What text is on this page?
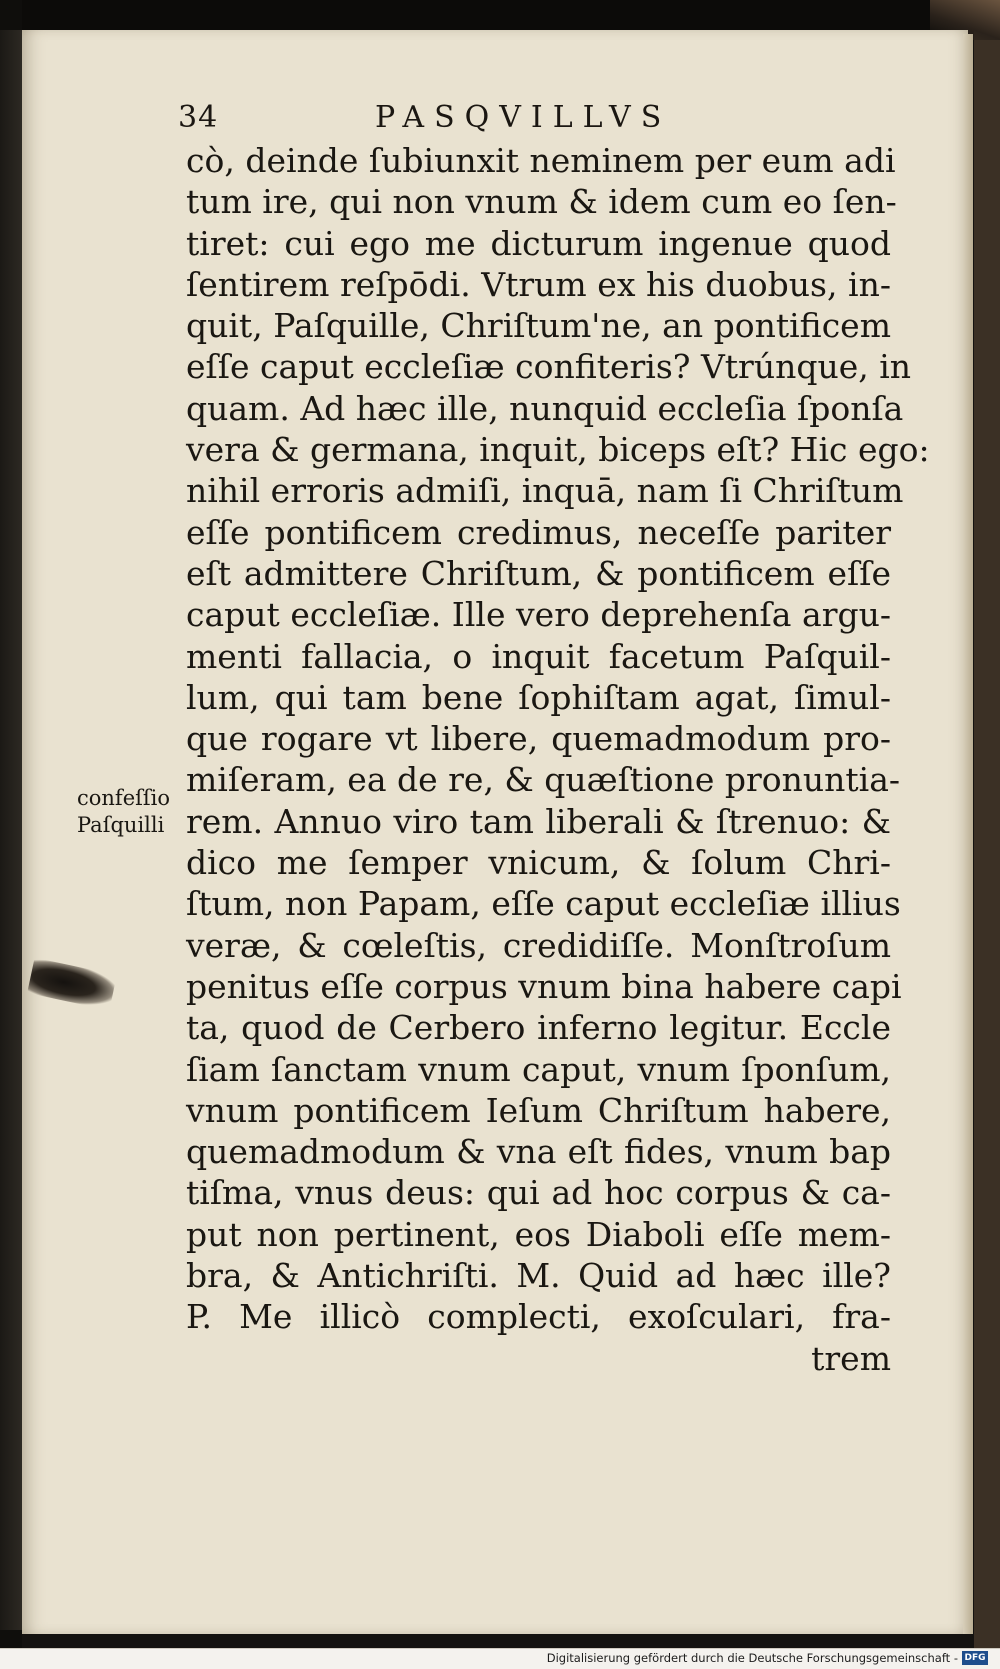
34	PASQVILLVS
confeſſio
Paſquilli
cò, deinde ſubiunxit neminem per eum adi
tum ire, qui non vnum & idem cum eo ſen-
tiret: cui ego me dicturum ingenue quod
ſentirem reſpōdi. Vtrum ex his duobus, in-
quit, Paſquille, Chriſtum'ne, an pontificem
eſſe caput eccleſiæ confiteris? Vtrúnque, in
quam. Ad hæc ille, nunquid eccleſia ſponſa
vera & germana, inquit, biceps eſt? Hic ego:
nihil erroris admiſi, inquā, nam ſi Chriſtum
eſſe pontificem credimus, neceſſe pariter
eſt admittere Chriſtum, & pontificem eſſe
caput eccleſiæ. Ille vero deprehenſa argu-
menti fallacia, o inquit facetum Paſquil-
lum, qui tam bene ſophiſtam agat, ſimul-
que rogare vt libere, quemadmodum pro-
miſeram, ea de re, & quæſtione pronuntia-
rem. Annuo viro tam liberali & ſtrenuo: &
dico me ſemper vnicum, & ſolum Chri-
ſtum, non Papam, eſſe caput eccleſiæ illius
veræ, & cœleſtis, credidiſſe. Monſtroſum
penitus eſſe corpus vnum bina habere capi
ta, quod de Cerbero inferno legitur. Eccle
ſiam ſanctam vnum caput, vnum ſponſum,
vnum pontificem Ieſum Chriſtum habere,
quemadmodum & vna eſt fides, vnum bap
tiſma, vnus deus: qui ad hoc corpus & ca-
put non pertinent, eos Diaboli eſſe mem-
bra, & Antichriſti. M. Quid ad hæc ille?
P. Me illicò complecti, exoſculari, fra-
trem
Digitalisierung gefördert durch die Deutsche Forschungsgemeinschaft - DFG
